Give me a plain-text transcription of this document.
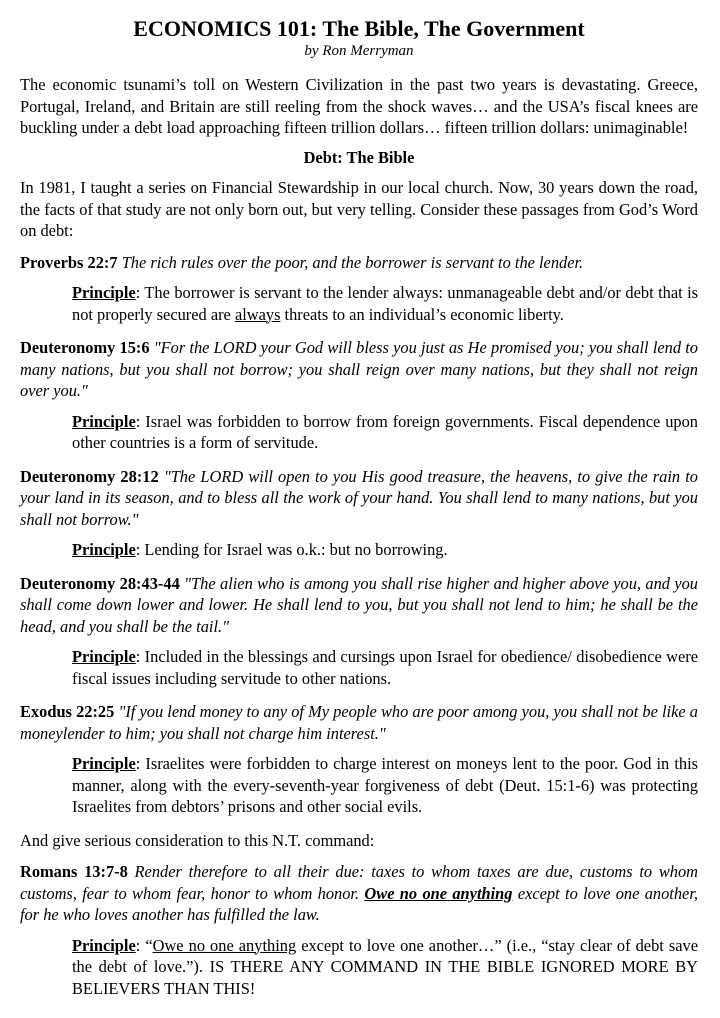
ECONOMICS 101: The Bible, The Government
by Ron Merryman

The economic tsunami’s toll on Western Civilization in the past two years is devastating. Greece, Portugal, Ireland, and Britain are still reeling from the shock waves… and the USA’s fiscal knees are buckling under a debt load approaching fifteen trillion dollars… fifteen trillion dollars: unimaginable!

Debt: The Bible

In 1981, I taught a series on Financial Stewardship in our local church. Now, 30 years down the road, the facts of that study are not only born out, but very telling. Consider these passages from God’s Word on debt:

Proverbs 22:7 The rich rules over the poor, and the borrower is servant to the lender.

Principle: The borrower is servant to the lender always: unmanageable debt and/or debt that is not properly secured are always threats to an individual’s economic liberty.

Deuteronomy 15:6 "For the LORD your God will bless you just as He promised you; you shall lend to many nations, but you shall not borrow; you shall reign over many nations, but they shall not reign over you."

Principle: Israel was forbidden to borrow from foreign governments. Fiscal dependence upon other countries is a form of servitude.

Deuteronomy 28:12 "The LORD will open to you His good treasure, the heavens, to give the rain to your land in its season, and to bless all the work of your hand. You shall lend to many nations, but you shall not borrow."

Principle: Lending for Israel was o.k.: but no borrowing.

Deuteronomy 28:43-44 "The alien who is among you shall rise higher and higher above you, and you shall come down lower and lower. He shall lend to you, but you shall not lend to him; he shall be the head, and you shall be the tail."

Principle: Included in the blessings and cursings upon Israel for obedience/ disobedience were fiscal issues including servitude to other nations.

Exodus 22:25 "If you lend money to any of My people who are poor among you, you shall not be like a moneylender to him; you shall not charge him interest."

Principle: Israelites were forbidden to charge interest on moneys lent to the poor. God in this manner, along with the every-seventh-year forgiveness of debt (Deut. 15:1-6) was protecting Israelites from debtors’ prisons and other social evils.

And give serious consideration to this N.T. command:

Romans 13:7-8 Render therefore to all their due: taxes to whom taxes are due, customs to whom customs, fear to whom fear, honor to whom honor. Owe no one anything except to love one another, for he who loves another has fulfilled the law.

Principle: “Owe no one anything except to love one another…” (i.e., “stay clear of debt save the debt of love.”). IS THERE ANY COMMAND IN THE BIBLE IGNORED MORE BY BELIEVERS THAN THIS!
